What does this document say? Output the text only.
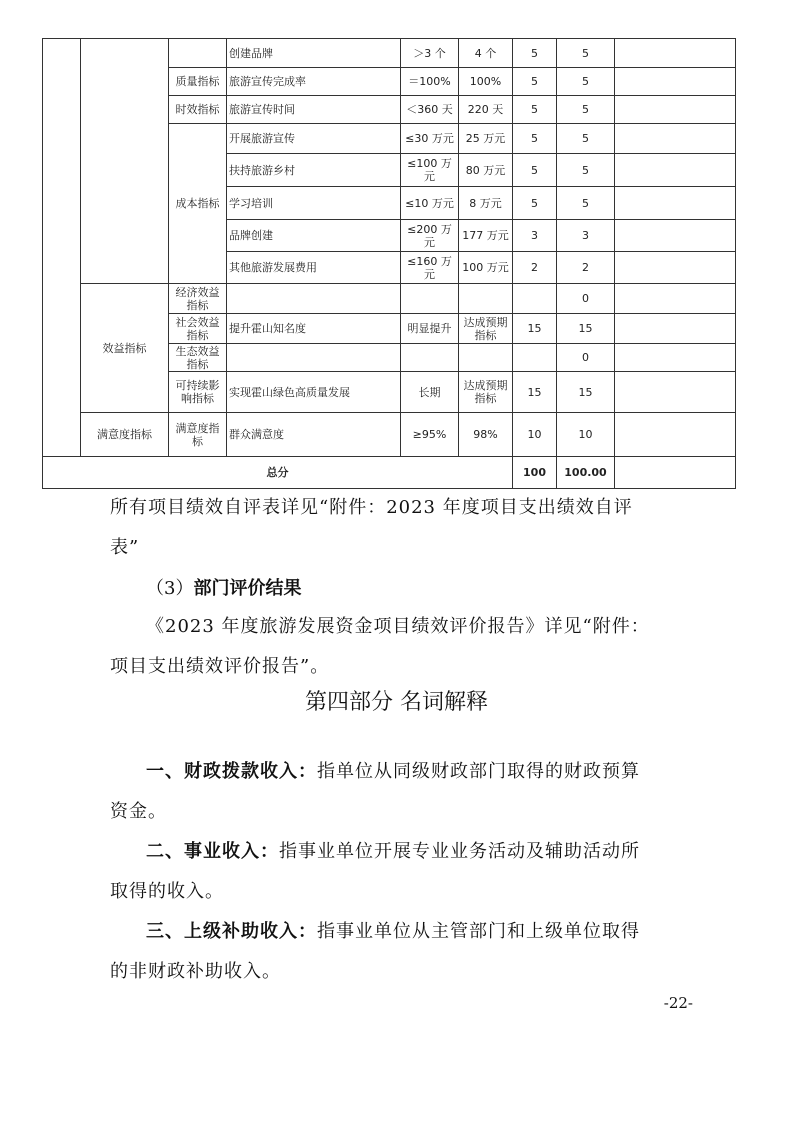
			创建品牌	＞3 个	4 个	5	5	
		质量指标	旅游宣传完成率	＝100%	100%	5	5	
		时效指标	旅游宣传时间	＜360 天	220 天	5	5	
		成本指标	开展旅游宣传	≤30 万元	25 万元	5	5	
			扶持旅游乡村	≤100 万元	80 万元	5	5	
			学习培训	≤10 万元	8 万元	5	5	
			品牌创建	≤200 万元	177 万元	3	3	
			其他旅游发展费用	≤160 万元	100 万元	2	2	
	效益指标	经济效益指标					0	
		社会效益指标	提升霍山知名度	明显提升	达成预期指标	15	15	
		生态效益指标					0	
		可持续影响指标	实现霍山绿色高质量发展	长期	达成预期指标	15	15	
	满意度指标	满意度指标	群众满意度	≥95%	98%	10	10	
总分						100	100.00	
所有项目绩效自评表详见“附件：2023 年度项目支出绩效自评
表”
（3）部门评价结果
《2023 年度旅游发展资金项目绩效评价报告》详见“附件：
项目支出绩效评价报告”。
第四部分 名词解释
一、财政拨款收入：指单位从同级财政部门取得的财政预算
资金。
二、事业收入：指事业单位开展专业业务活动及辅助活动所
取得的收入。
三、上级补助收入：指事业单位从主管部门和上级单位取得
的非财政补助收入。
-22-
